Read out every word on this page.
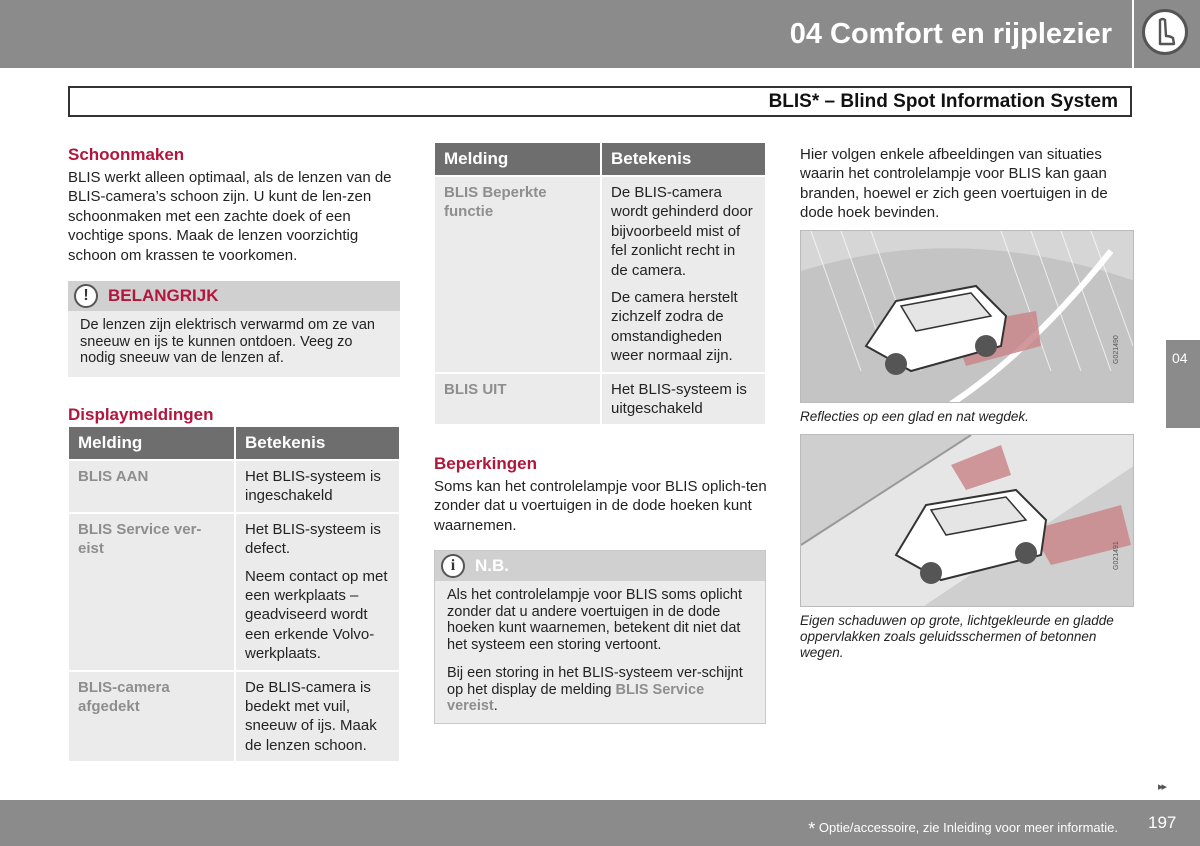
04 Comfort en rijplezier
BLIS* – Blind Spot Information System
04
Schoonmaken
BLIS werkt alleen optimaal, als de lenzen van de BLIS-camera’s schoon zijn. U kunt de len-zen schoonmaken met een zachte doek of een vochtige spons. Maak de lenzen voorzichtig schoon om krassen te voorkomen.
!	BELANGRIJK
De lenzen zijn elektrisch verwarmd om ze van sneeuw en ijs te kunnen ontdoen. Veeg zo nodig sneeuw van de lenzen af.
Displaymeldingen
Melding	Betekenis
BLIS AAN	Het BLIS-systeem is ingeschakeld

BLIS Service ver-eist	Het BLIS-systeem is defect.

Neem contact op met een werkplaats – geadviseerd wordt een erkende Volvo-werkplaats.

BLIS-camera afgedekt	De BLIS-camera is bedekt met vuil, sneeuw of ijs. Maak de lenzen schoon.

Melding	Betekenis
BLIS Beperkte functie	De BLIS-camera wordt gehinderd door bijvoorbeeld mist of fel zonlicht recht in de camera.

De camera herstelt zichzelf zodra de omstandigheden weer normaal zijn.

BLIS UIT	Het BLIS-systeem is uitgeschakeld

Beperkingen
Soms kan het controlelampje voor BLIS oplich-ten zonder dat u voertuigen in de dode hoeken kunt waarnemen.
i	N.B.
Als het controlelampje voor BLIS soms oplicht zonder dat u andere voertuigen in de dode hoeken kunt waarnemen, betekent dit niet dat het systeem een storing vertoont.
Bij een storing in het BLIS-systeem ver-schijnt op het display de melding BLIS Service vereist.
Hier volgen enkele afbeeldingen van situaties waarin het controlelampje voor BLIS kan gaan branden, hoewel er zich geen voertuigen in de dode hoek bevinden.
G021490
Reflecties op een glad en nat wegdek.
G021491
Eigen schaduwen op grote, lichtgekleurde en gladde oppervlakken zoals geluidsschermen of betonnen wegen.
▸▸
* Optie/accessoire, zie Inleiding voor meer informatie. 197
